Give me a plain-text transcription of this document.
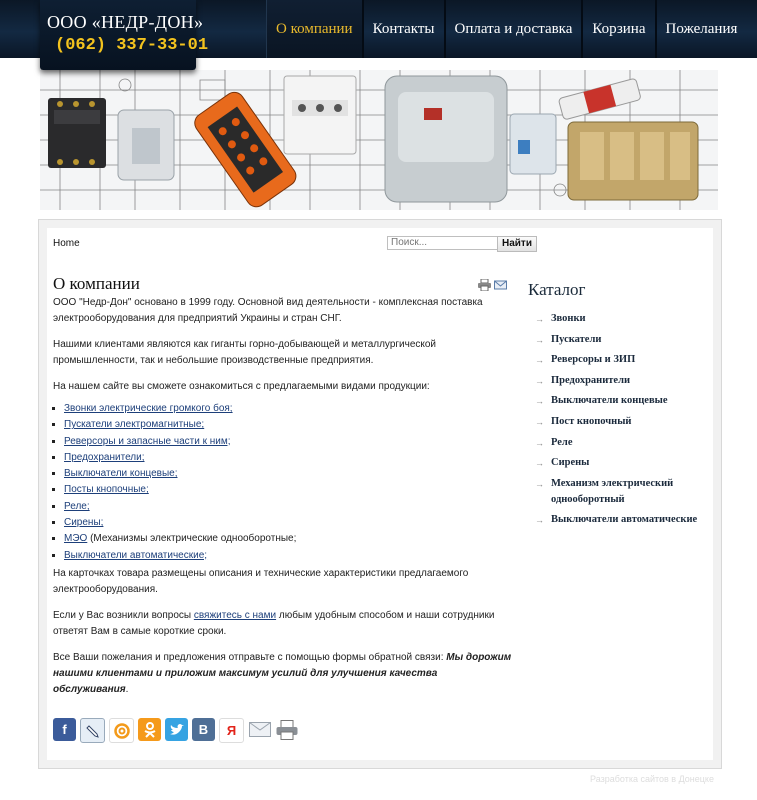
ООО «НЕДР-ДОН»
(062) 337-33-01
О компании	Контакты	Оплата и доставка	Корзина	Пожелания
Home
Поиск...	Найти
О компании

ООО "Недр-Дон" основано в 1999 году. Основной вид деятельности - комплексная поставка электрооборудования для предприятий Украины и стран СНГ.

Нашими клиентами являются как гиганты горно-добывающей и металлургической промышленности, так и небольшие производственные предприятия.

На нашем сайте вы сможете ознакомиться с предлагаемыми видами продукции:

▪ Звонки электрические громкого боя;
▪ Пускатели электромагнитные;
▪ Реверсоры и запасные части к ним;
▪ Предохранители;
▪ Выключатели концевые;
▪ Посты кнопочные;
▪ Реле;
▪ Сирены;
▪ МЭО (Механизмы электрические однооборотные;
▪ Выключатели автоматические;

На карточках товара размещены описания и технические характеристики предлагаемого электрооборудования.

Если у Вас возникли вопросы свяжитесь с нами любым удобным способом и наши сотрудники ответят Вам в самые короткие сроки.

Все Ваши пожелания и предложения отправьте с помощью формы обратной связи: Мы дорожим нашими клиентами и приложим максимум усилий для улучшения качества обслуживания.

f	B	Я
Каталог
→ Звонки
→ Пускатели
→ Реверсоры и ЗИП
→ Предохранители
→ Выключатели концевые
→ Пост кнопочный
→ Реле
→ Сирены
→ Механизм электрический однооборотный
→ Выключатели автоматические
Разработка сайтов в Донецке
